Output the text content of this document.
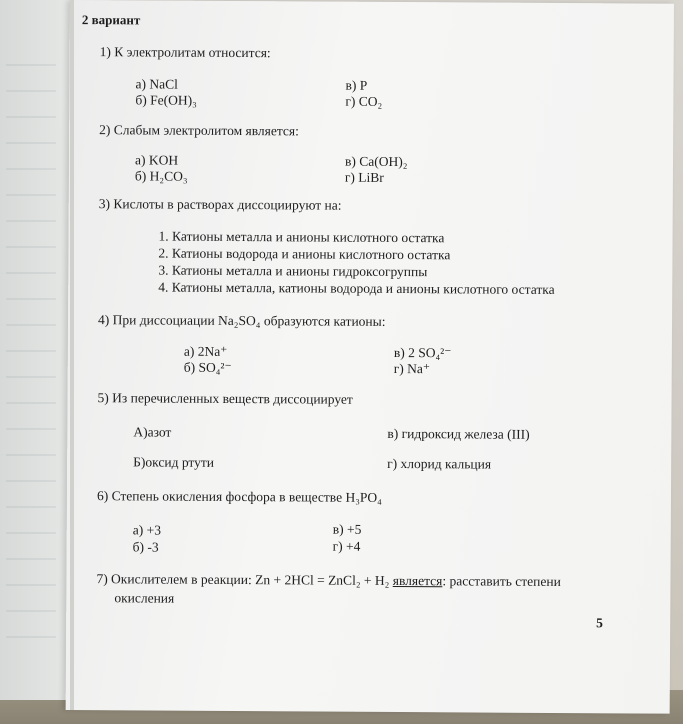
2 вариант
1) К электролитам относится:
а) NaCl
б) Fe(OH)₃
в) P
г) CO₂
2) Слабым электролитом является:
а) KOH
б) H₂CO₃
в) Ca(OH)₂
г) LiBr
3) Кислоты в растворах диссоциируют на:
1. Катионы металла и анионы кислотного остатка
2. Катионы водорода и анионы кислотного остатка
3. Катионы металла и анионы гидроксогруппы
4. Катионы металла, катионы водорода и анионы кислотного остатка
4) При диссоциации Na₂SO₄ образуются катионы:
а) 2Na⁺
б) SO₄²⁻
в) 2 SO₄²⁻
г) Na⁺
5) Из перечисленных веществ диссоциирует
А)азот
Б)оксид ртути
в) гидроксид железа (III)
г) хлорид кальция
6) Степень окисления фосфора в веществе H₃PO₄
а) +3
б) -3
в) +5
г) +4
7) Окислителем в реакции: Zn + 2HCl = ZnCl₂ + H₂ является: расставить степени
окисления
5
